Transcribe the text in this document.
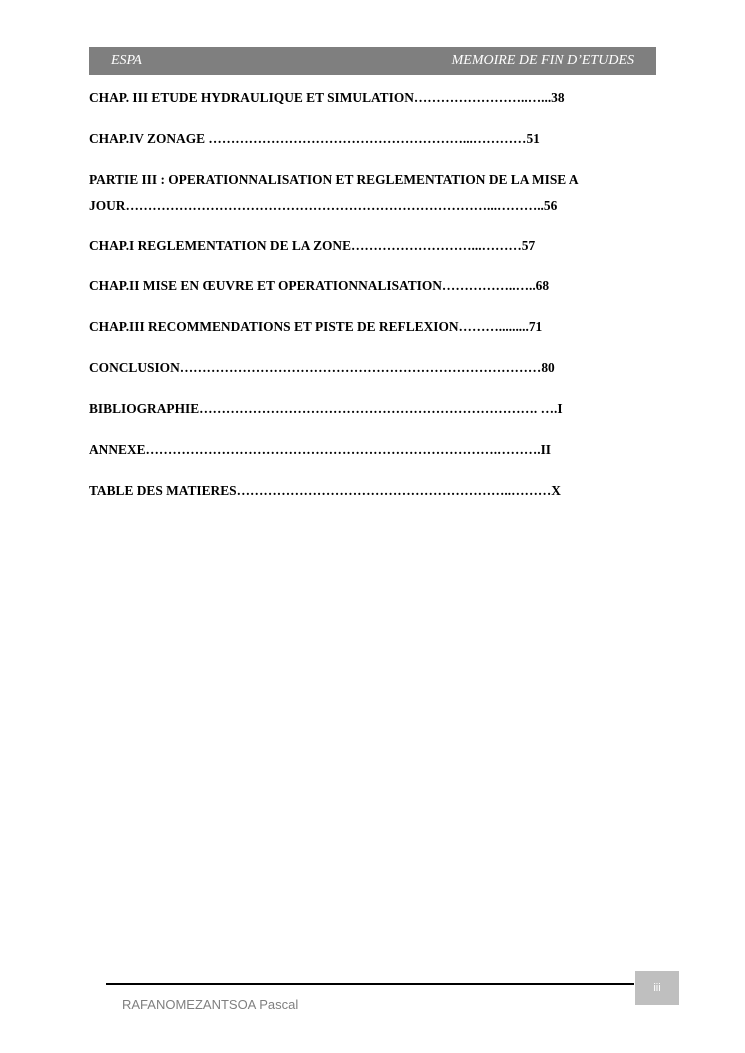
ESPA	MEMOIRE DE FIN D’ETUDES
CHAP. III ETUDE HYDRAULIQUE ET SIMULATION……………………..…...38
CHAP.IV ZONAGE …………………………………………………...…………51
PARTIE III : OPERATIONNALISATION ET REGLEMENTATION DE LA MISE A
JOUR………………………………………………………………………...………..56
CHAP.I REGLEMENTATION DE LA ZONE………………………...………57
CHAP.II MISE EN ŒUVRE ET OPERATIONNALISATION……………..…..68
CHAP.III RECOMMENDATIONS ET PISTE DE REFLEXION……….........71
CONCLUSION………………………………………………………………………80
BIBLIOGRAPHIE…………………………………………………………………. ….I
ANNEXE…………………………………………………………………….……….II
TABLE DES MATIERES……………………………………………………..………X
iii
RAFANOMEZANTSOA Pascal
